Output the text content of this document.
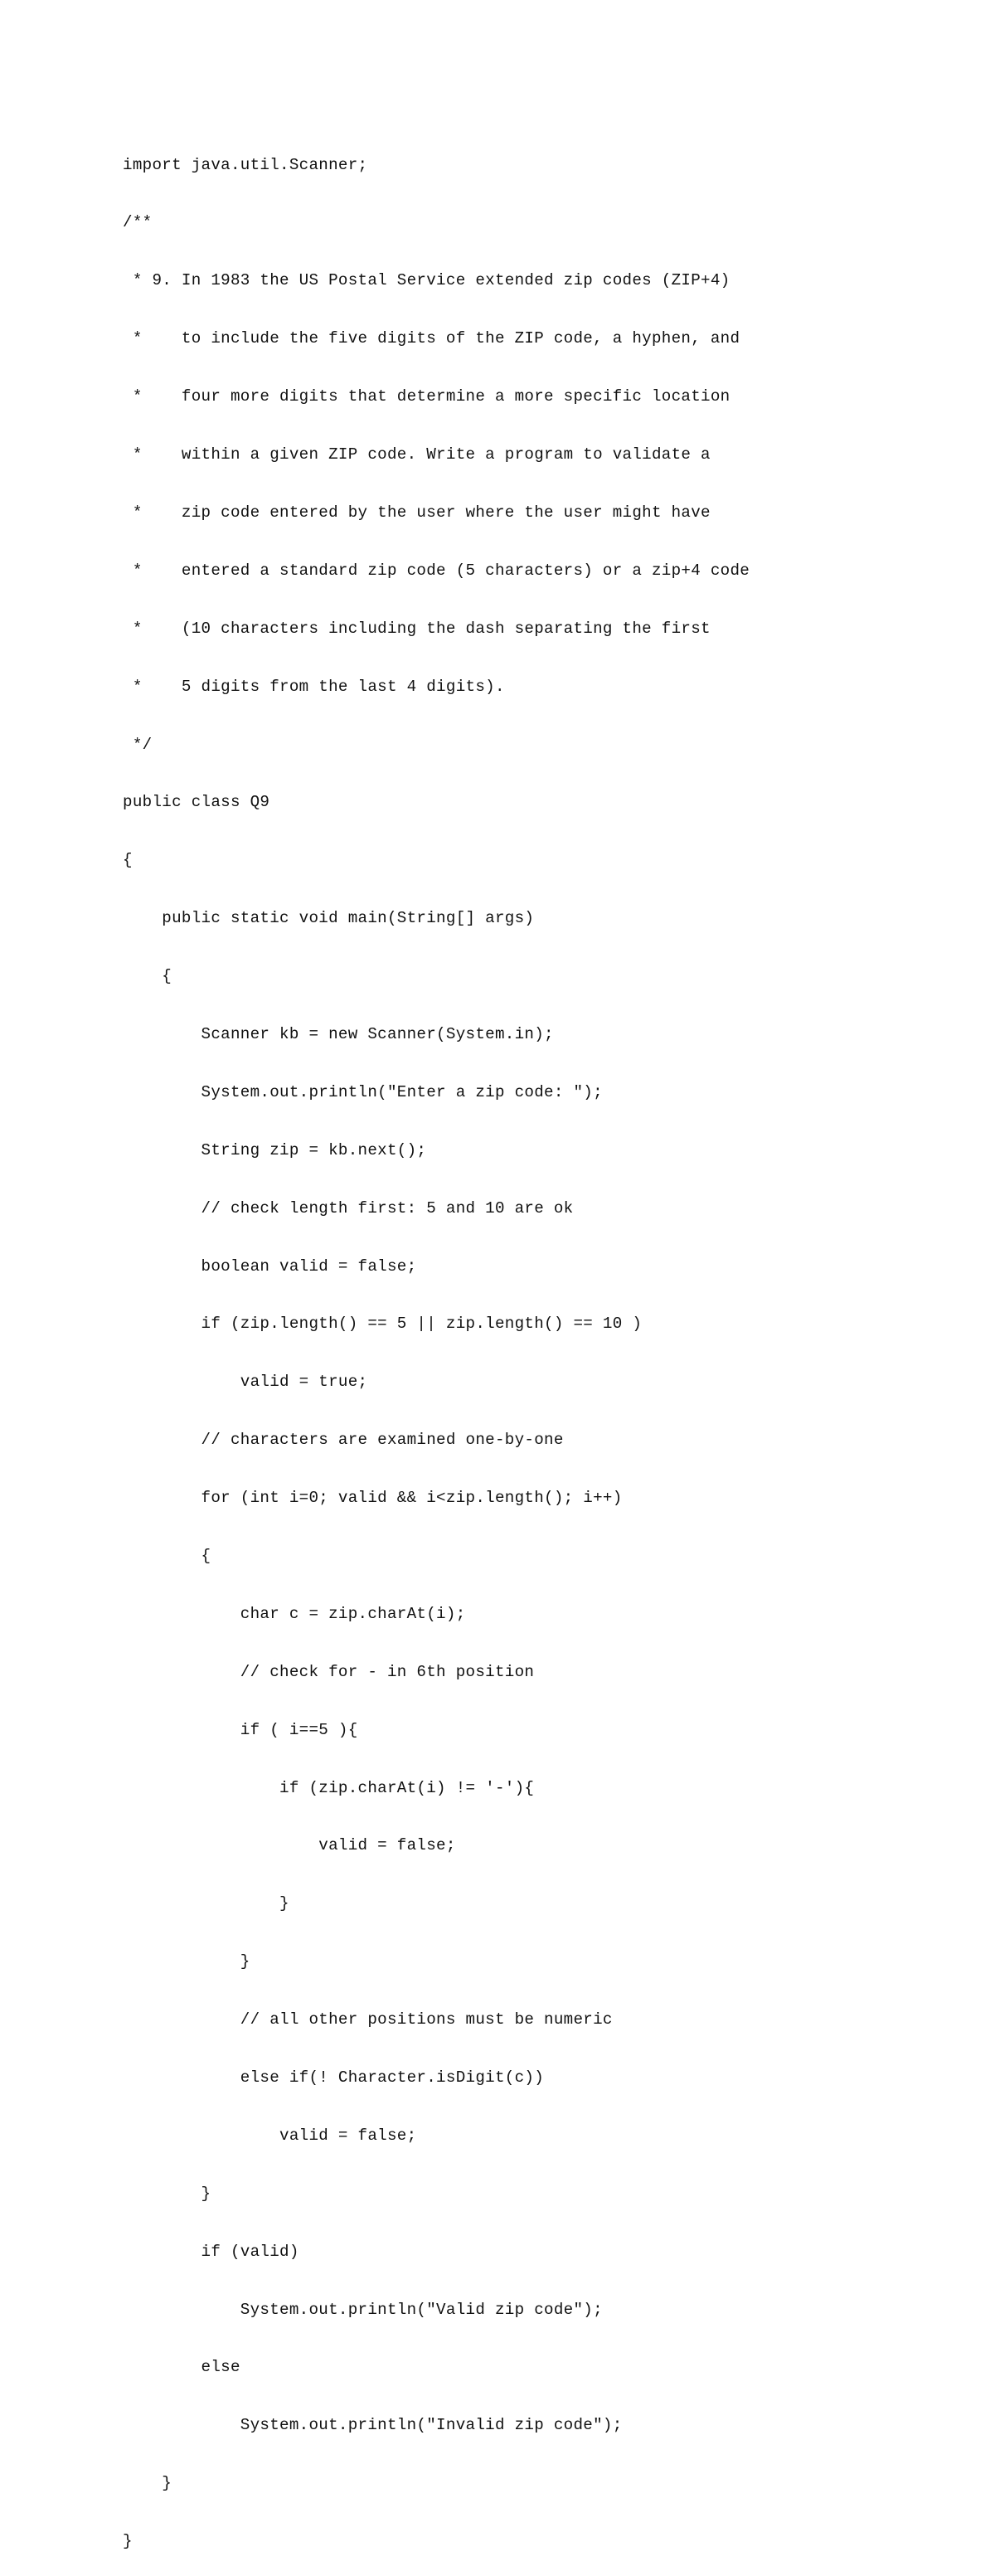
import java.util.Scanner;

/**

* 9. In 1983 the US Postal Service extended zip codes (ZIP+4)

*    to include the five digits of the ZIP code, a hyphen, and

*    four more digits that determine a more specific location

*    within a given ZIP code. Write a program to validate a

*    zip code entered by the user where the user might have

*    entered a standard zip code (5 characters) or a zip+4 code

*    (10 characters including the dash separating the first

*    5 digits from the last 4 digits).

*/

public class Q9

{

public static void main(String[] args)

{

Scanner kb = new Scanner(System.in);

System.out.println("Enter a zip code: ");

String zip = kb.next();

// check length first: 5 and 10 are ok

boolean valid = false;

if (zip.length() == 5 || zip.length() == 10 )

valid = true;

// characters are examined one-by-one

for (int i=0; valid && i<zip.length(); i++)

{

char c = zip.charAt(i);

// check for - in 6th position

if ( i==5 ){

if (zip.charAt(i) != '-'){

valid = false;

}

}

// all other positions must be numeric

else if(! Character.isDigit(c))

valid = false;

}

if (valid)

System.out.println("Valid zip code");

else

System.out.println("Invalid zip code");

}

}
